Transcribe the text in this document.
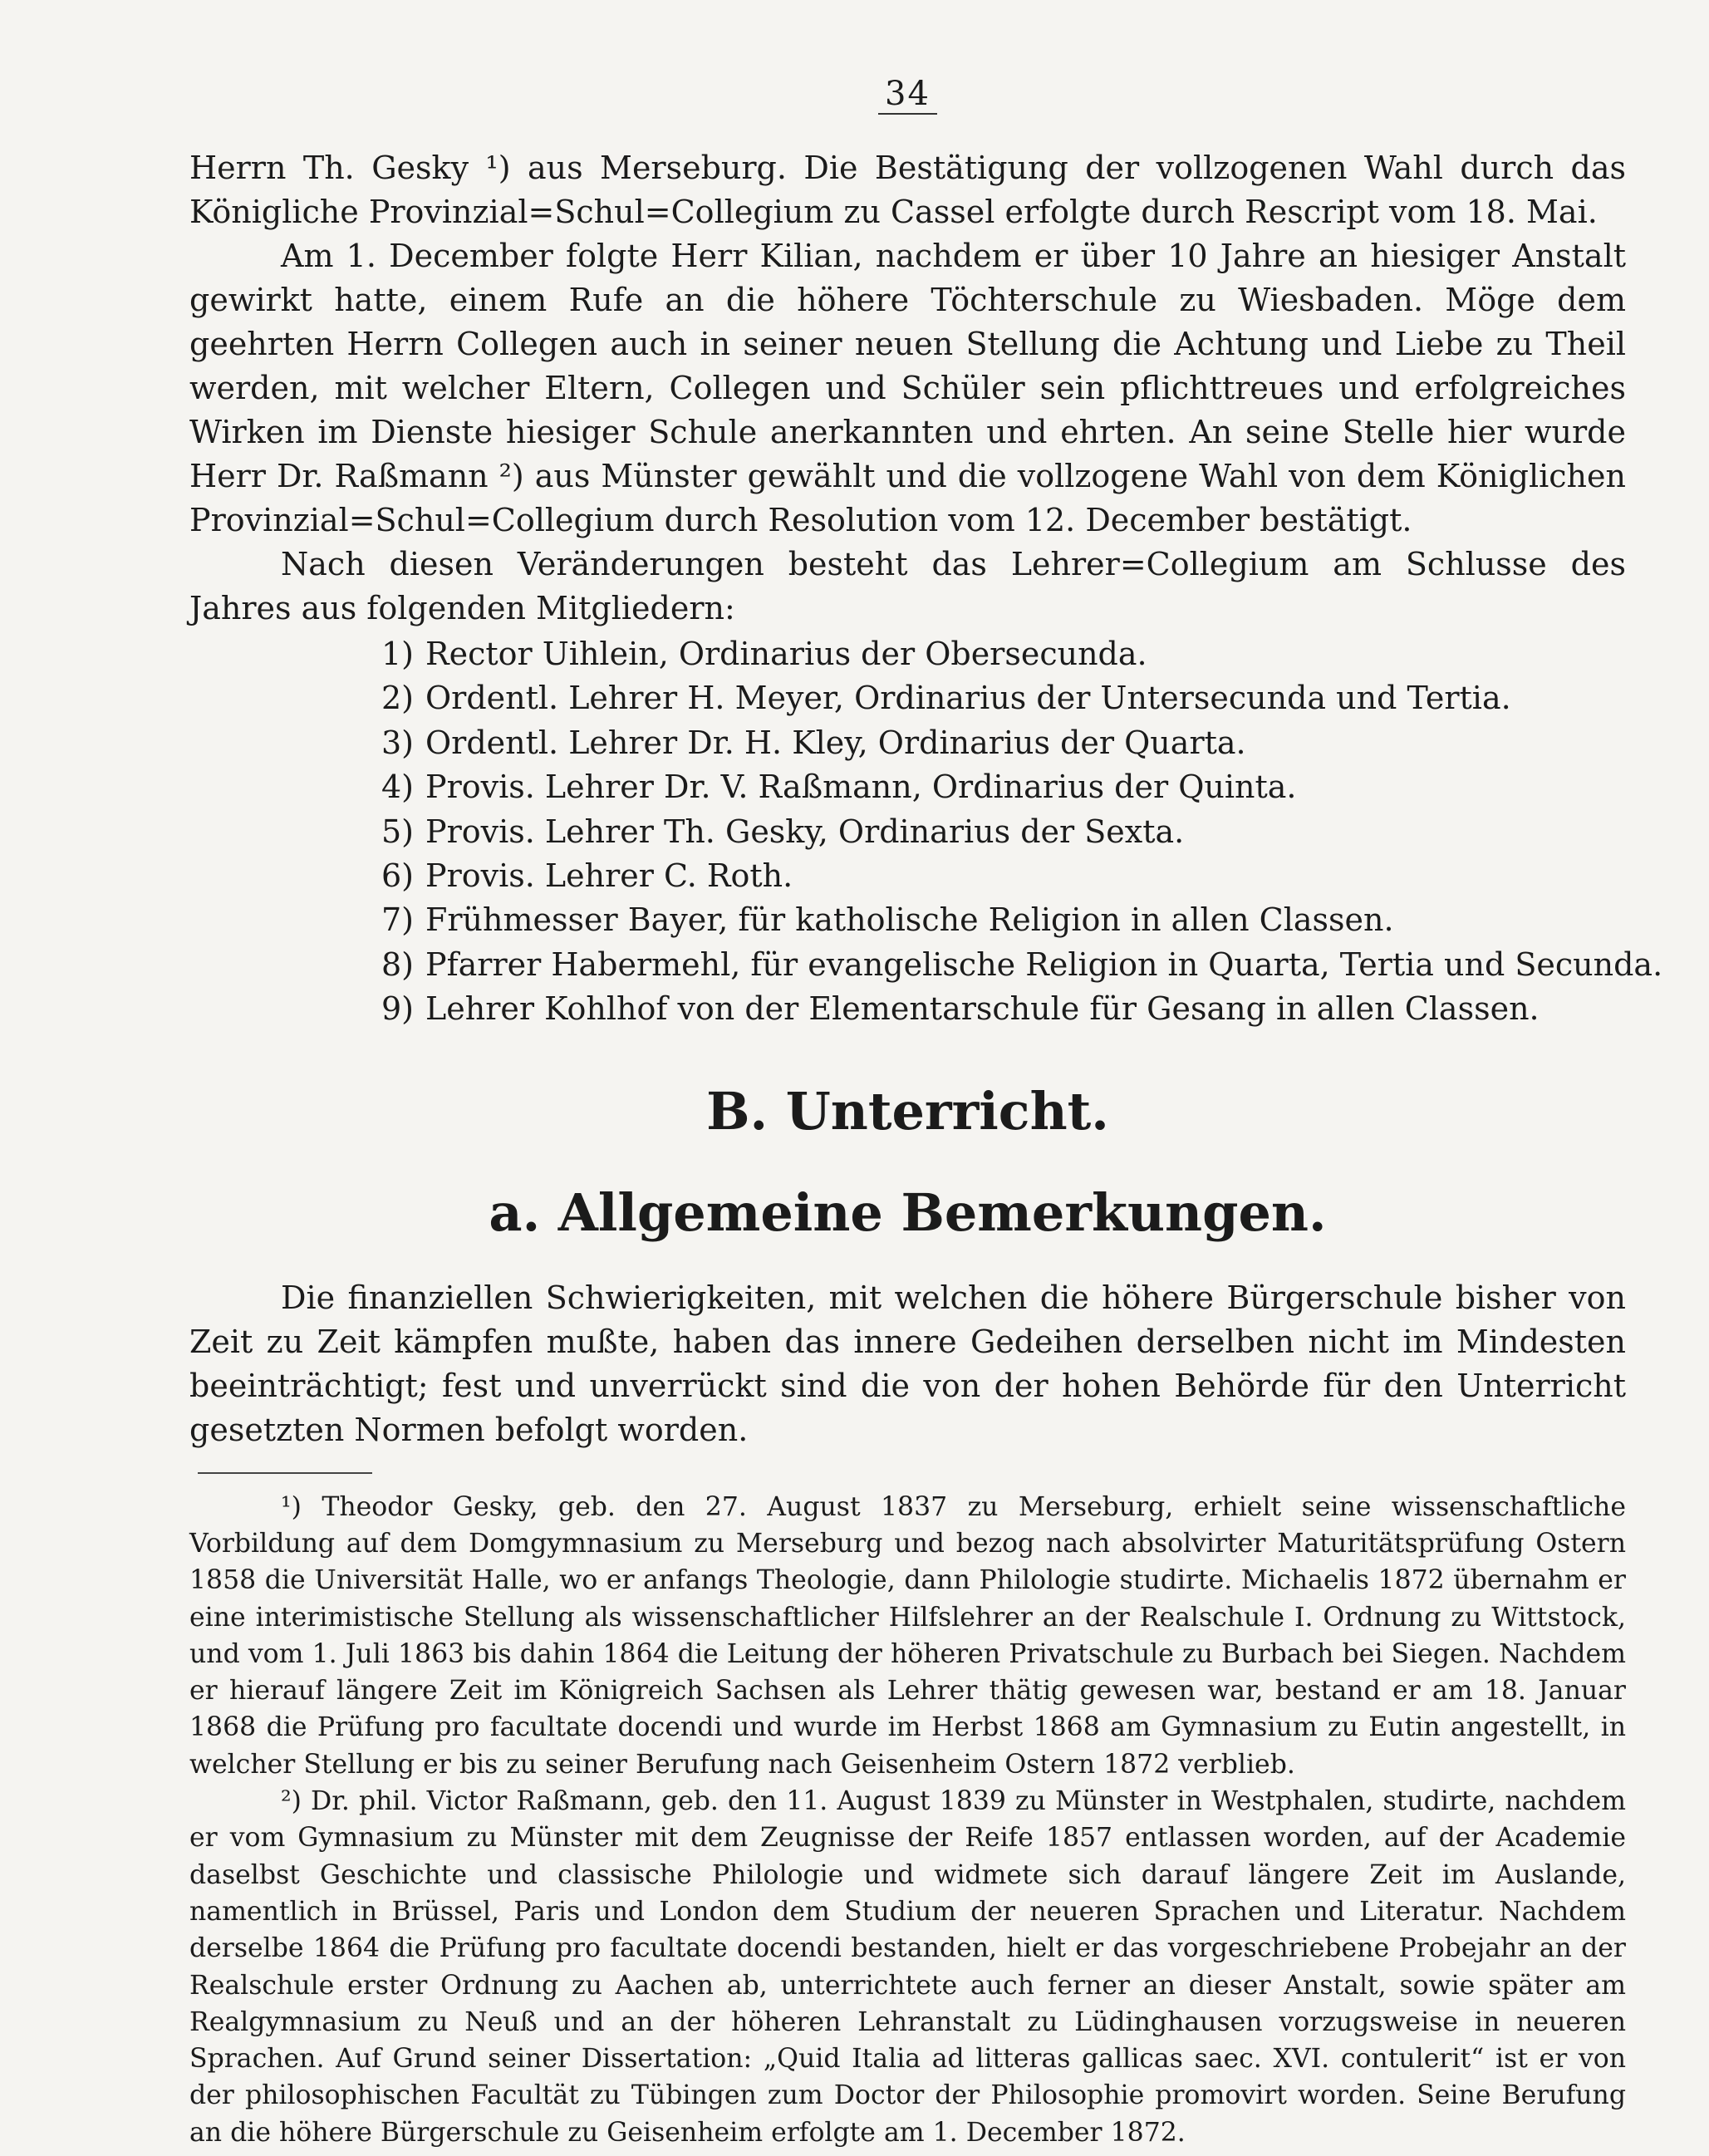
34

Herrn Th. Gesky ¹) aus Merseburg. Die Bestätigung der vollzogenen Wahl durch das Königliche Provinzial=Schul=Collegium zu Cassel erfolgte durch Rescript vom 18. Mai.

Am 1. December folgte Herr Kilian, nachdem er über 10 Jahre an hiesiger Anstalt gewirkt hatte, einem Rufe an die höhere Töchterschule zu Wiesbaden. Möge dem geehrten Herrn Collegen auch in seiner neuen Stellung die Achtung und Liebe zu Theil werden, mit welcher Eltern, Collegen und Schüler sein pflichttreues und erfolgreiches Wirken im Dienste hiesiger Schule anerkannten und ehrten. An seine Stelle hier wurde Herr Dr. Raßmann ²) aus Münster gewählt und die vollzogene Wahl von dem Königlichen Provinzial=Schul=Collegium durch Resolution vom 12. December bestätigt.

Nach diesen Veränderungen besteht das Lehrer=Collegium am Schlusse des Jahres aus folgenden Mitgliedern:

1) Rector Uihlein, Ordinarius der Obersecunda.
2) Ordentl. Lehrer H. Meyer, Ordinarius der Untersecunda und Tertia.
3) Ordentl. Lehrer Dr. H. Kley, Ordinarius der Quarta.
4) Provis. Lehrer Dr. V. Raßmann, Ordinarius der Quinta.
5) Provis. Lehrer Th. Gesky, Ordinarius der Sexta.
6) Provis. Lehrer C. Roth.
7) Frühmesser Bayer, für katholische Religion in allen Classen.
8) Pfarrer Habermehl, für evangelische Religion in Quarta, Tertia und Secunda.
9) Lehrer Kohlhof von der Elementarschule für Gesang in allen Classen.
B. Unterricht.
a. Allgemeine Bemerkungen.

Die finanziellen Schwierigkeiten, mit welchen die höhere Bürgerschule bisher von Zeit zu Zeit kämpfen mußte, haben das innere Gedeihen derselben nicht im Mindesten beeinträchtigt; fest und unverrückt sind die von der hohen Behörde für den Unterricht gesetzten Normen befolgt worden.

¹) Theodor Gesky, geb. den 27. August 1837 zu Merseburg, erhielt seine wissenschaftliche Vorbildung auf dem Domgymnasium zu Merseburg und bezog nach absolvirter Maturitätsprüfung Ostern 1858 die Universität Halle, wo er anfangs Theologie, dann Philologie studirte. Michaelis 1872 übernahm er eine interimistische Stellung als wissenschaftlicher Hilfslehrer an der Realschule I. Ordnung zu Wittstock, und vom 1. Juli 1863 bis dahin 1864 die Leitung der höheren Privatschule zu Burbach bei Siegen. Nachdem er hierauf längere Zeit im Königreich Sachsen als Lehrer thätig gewesen war, bestand er am 18. Januar 1868 die Prüfung pro facultate docendi und wurde im Herbst 1868 am Gymnasium zu Eutin angestellt, in welcher Stellung er bis zu seiner Berufung nach Geisenheim Ostern 1872 verblieb.

²) Dr. phil. Victor Raßmann, geb. den 11. August 1839 zu Münster in Westphalen, studirte, nachdem er vom Gymnasium zu Münster mit dem Zeugnisse der Reife 1857 entlassen worden, auf der Academie daselbst Geschichte und classische Philologie und widmete sich darauf längere Zeit im Auslande, namentlich in Brüssel, Paris und London dem Studium der neueren Sprachen und Literatur. Nachdem derselbe 1864 die Prüfung pro facultate docendi bestanden, hielt er das vorgeschriebene Probejahr an der Realschule erster Ordnung zu Aachen ab, unterrichtete auch ferner an dieser Anstalt, sowie später am Realgymnasium zu Neuß und an der höheren Lehranstalt zu Lüdinghausen vorzugsweise in neueren Sprachen. Auf Grund seiner Dissertation: „Quid Italia ad litteras gallicas saec. XVI. contulerit“ ist er von der philosophischen Facultät zu Tübingen zum Doctor der Philosophie promovirt worden. Seine Berufung an die höhere Bürgerschule zu Geisenheim erfolgte am 1. December 1872.
